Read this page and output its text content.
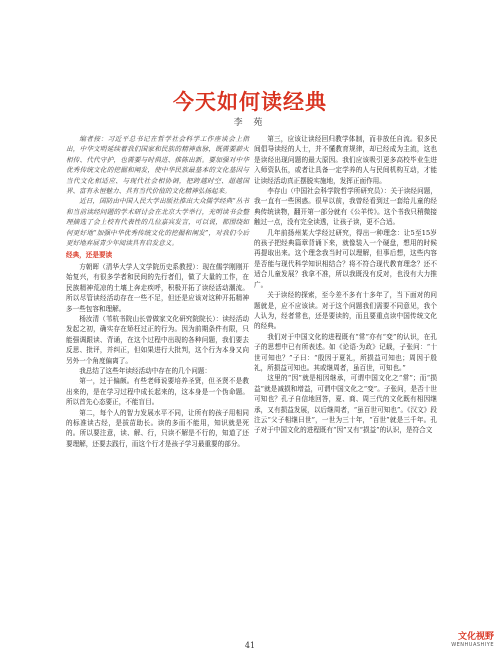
今天如何读经典
李 苑

编者按：习近平总书记在哲学社会科学工作座谈会上指出，中华文明延续着我们国家和民族的精神血脉，既需要薪火相传、代代守护，也需要与时俱进、推陈出新。要加强对中华优秀传统文化的挖掘和阐发，使中华民族最基本的文化基因与当代文化相适应、与现代社会相协调，把跨越时空、超越国界、富有永恒魅力、具有当代价值的文化精神弘扬起来。

近日，国防由中国人民大学出版社推出大众儒学经典“丛书和当前读经问题的学术研讨会在北京大学举行，光明读书会整理摘选了会上校有代表性的几位嘉宾发言，可以说，都围绕如何更好地“加强中华优秀传统文化的挖掘和阐发”，对我们今后更好地弃展青少年阅读具有启发意义。

经典，还是要读

方朝晖（清华大学人文学院历史系教授）：现在儒学刚刚开始复兴，有很多学者和民间的先行者们，做了大量的工作，在民族精神荒凉的土壤上奔走疾呼，积极开拓了读经活动潮流。所以尽管读经活动存在一些不足，但还是应该对这种开拓精神多一些包容和理解。

杨汝清（苇杭书院山长曾做家文化研究院院长）：读经活动发起之初，确实存在矫枉过正的行为。因为前期条件有限，只能强调跟读、背诵，在这个过程中出现的各种问题，我们要去反思、批评，并纠正，但如果进行大批判，这个行为本身又向另外一个角度偏离了。

我总结了这些年读经活动中存在的几个问题：

第一，过于偏颇。有些老师说要培养圣贤，但圣贤不是教出来的，是在学习过程中成长起来的，这本身是一个伪命题。所以首先心态要正，不能盲目。

第二，每个人的智力发展水平不同，让所有的孩子用相同的标准读古经，是拔苗助长。读的多而不能用，知识就是死的。所以要注意，读、解、行，只读不解是不行的，知道了还要理解，还要去践行，而这个行才是孩子学习最重要的部分。

第三，应该让读经回归教学体制，而非放任自流。很多民间倡导读经的人士，并不懂教育规律，却已经成为主流，这也是读经出现问题的最大原因。我们应该吸引更多高校毕业生进入师资队伍，或者让具备一定学养的人与民间机构互动，才能让读经活动真正摆脱实施地，发挥正面作用。

李存山（中国社会科学院哲学所研究员）：关于读经问题，我一直有一些困惑。很早以前，我曾经看到过一套给儿童的经典传统读物，翻开第一部分就有《公羊传》。这个书我只稍微接触过一点，没有完全读透，让孩子读，更不合适。

几年前扬州某大学经过研究，得出一种理念：让5至15岁的孩子把经典篇章背诵下来，就像装入一个硬盘，想用的时候再提取出来。这个理念我当时可以理解，但事后想，这些内容是否能与现代科学知识相结合？将不符合现代教育理念？还不适合儿童发展？我拿不准，所以我既没有反对，也没有大力推广。

关于读经的探索，至今差不多有十多年了，当下面对的问题就是，应不应该读。对于这个问题我们需要不同意见，我个人认为，经者常也，还是要读的，而且要重点读中国传统文化的经典。

我们对于中国文化的进程既有“常”亦有“变”的认识，在孔子的思想中已有所表述。如《论语·为政》记载，子张问：“十世可知也？”子曰：“殷因于夏礼，所损益可知也；周因于殷礼，所损益可知也。其或继周者，虽百世，可知也。”

这里的“因”就是相因继承，可谓中国文化之“常”；而“损益”就是减损和增益，可谓中国文化之“变”。子张问，是否十世可知也？孔子自信地回答，夏、商、周三代的文化既有相因继承，又有损益发展，以后继周者，“虽百世可知也”。《汉文》段注云“父子相继曰世”，一世为三十年，“百世”就是三千年。孔子对于中国文化的进程既有“因”又有“损益”的认识，是符合文

41
文化视野
WENHUASHIYE
